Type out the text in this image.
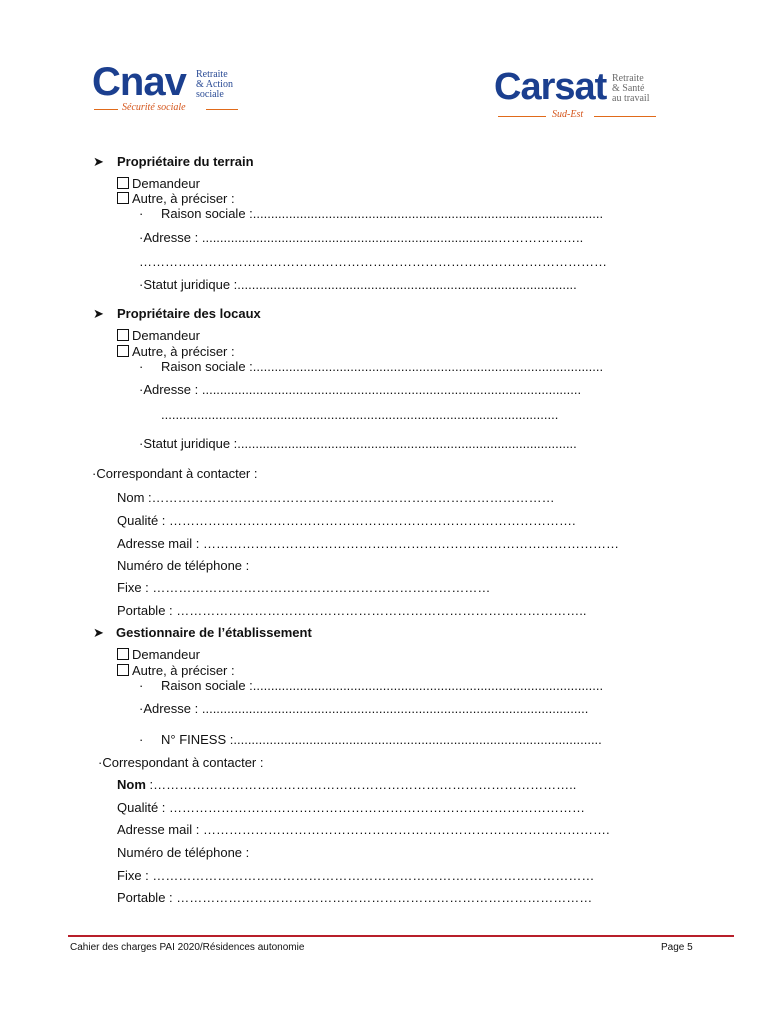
Cnav Retraite
& Action
sociale
Sécurité sociale	Carsat Retraite
& Santé
au travail
Sud-Est
➤ Propriétaire du terrain
Demandeur
Autre, à préciser :
· Raison sociale :.................................................................................................
·Adresse : ..................................................................................………………..
………………………………………………………………………………………………
·Statut juridique :..............................................................................................
➤ Propriétaire des locaux
Demandeur
Autre, à préciser :
· Raison sociale :.................................................................................................
·Adresse : .........................................................................................................
..............................................................................................................
·Statut juridique :..............................................................................................
·Correspondant à contacter :
Nom :…………………………………………………………………………………
Qualité : ………………………………………………………………………………….
Adresse mail : ……………………………………………………………………………………
Numéro de téléphone :
Fixe : ……………………………………………………………………
Portable : …………………………………………………………………………………..
➤ Gestionnaire de l’établissement
Demandeur
Autre, à préciser :
· Raison sociale :.................................................................................................
·Adresse : ...........................................................................................................
· N° FINESS :......................................................................................................
·Correspondant à contacter :
Nom :……………………………………………………………………………………..
Qualité : ……………………………………………………………………………………
Adresse mail : ………………………………………………………………………………….
Numéro de téléphone :
Fixe : …………………………………………………………………………………………
Portable : ……………………………………………………………………………………
Cahier des charges PAI 2020/Résidences autonomie	Page 5
